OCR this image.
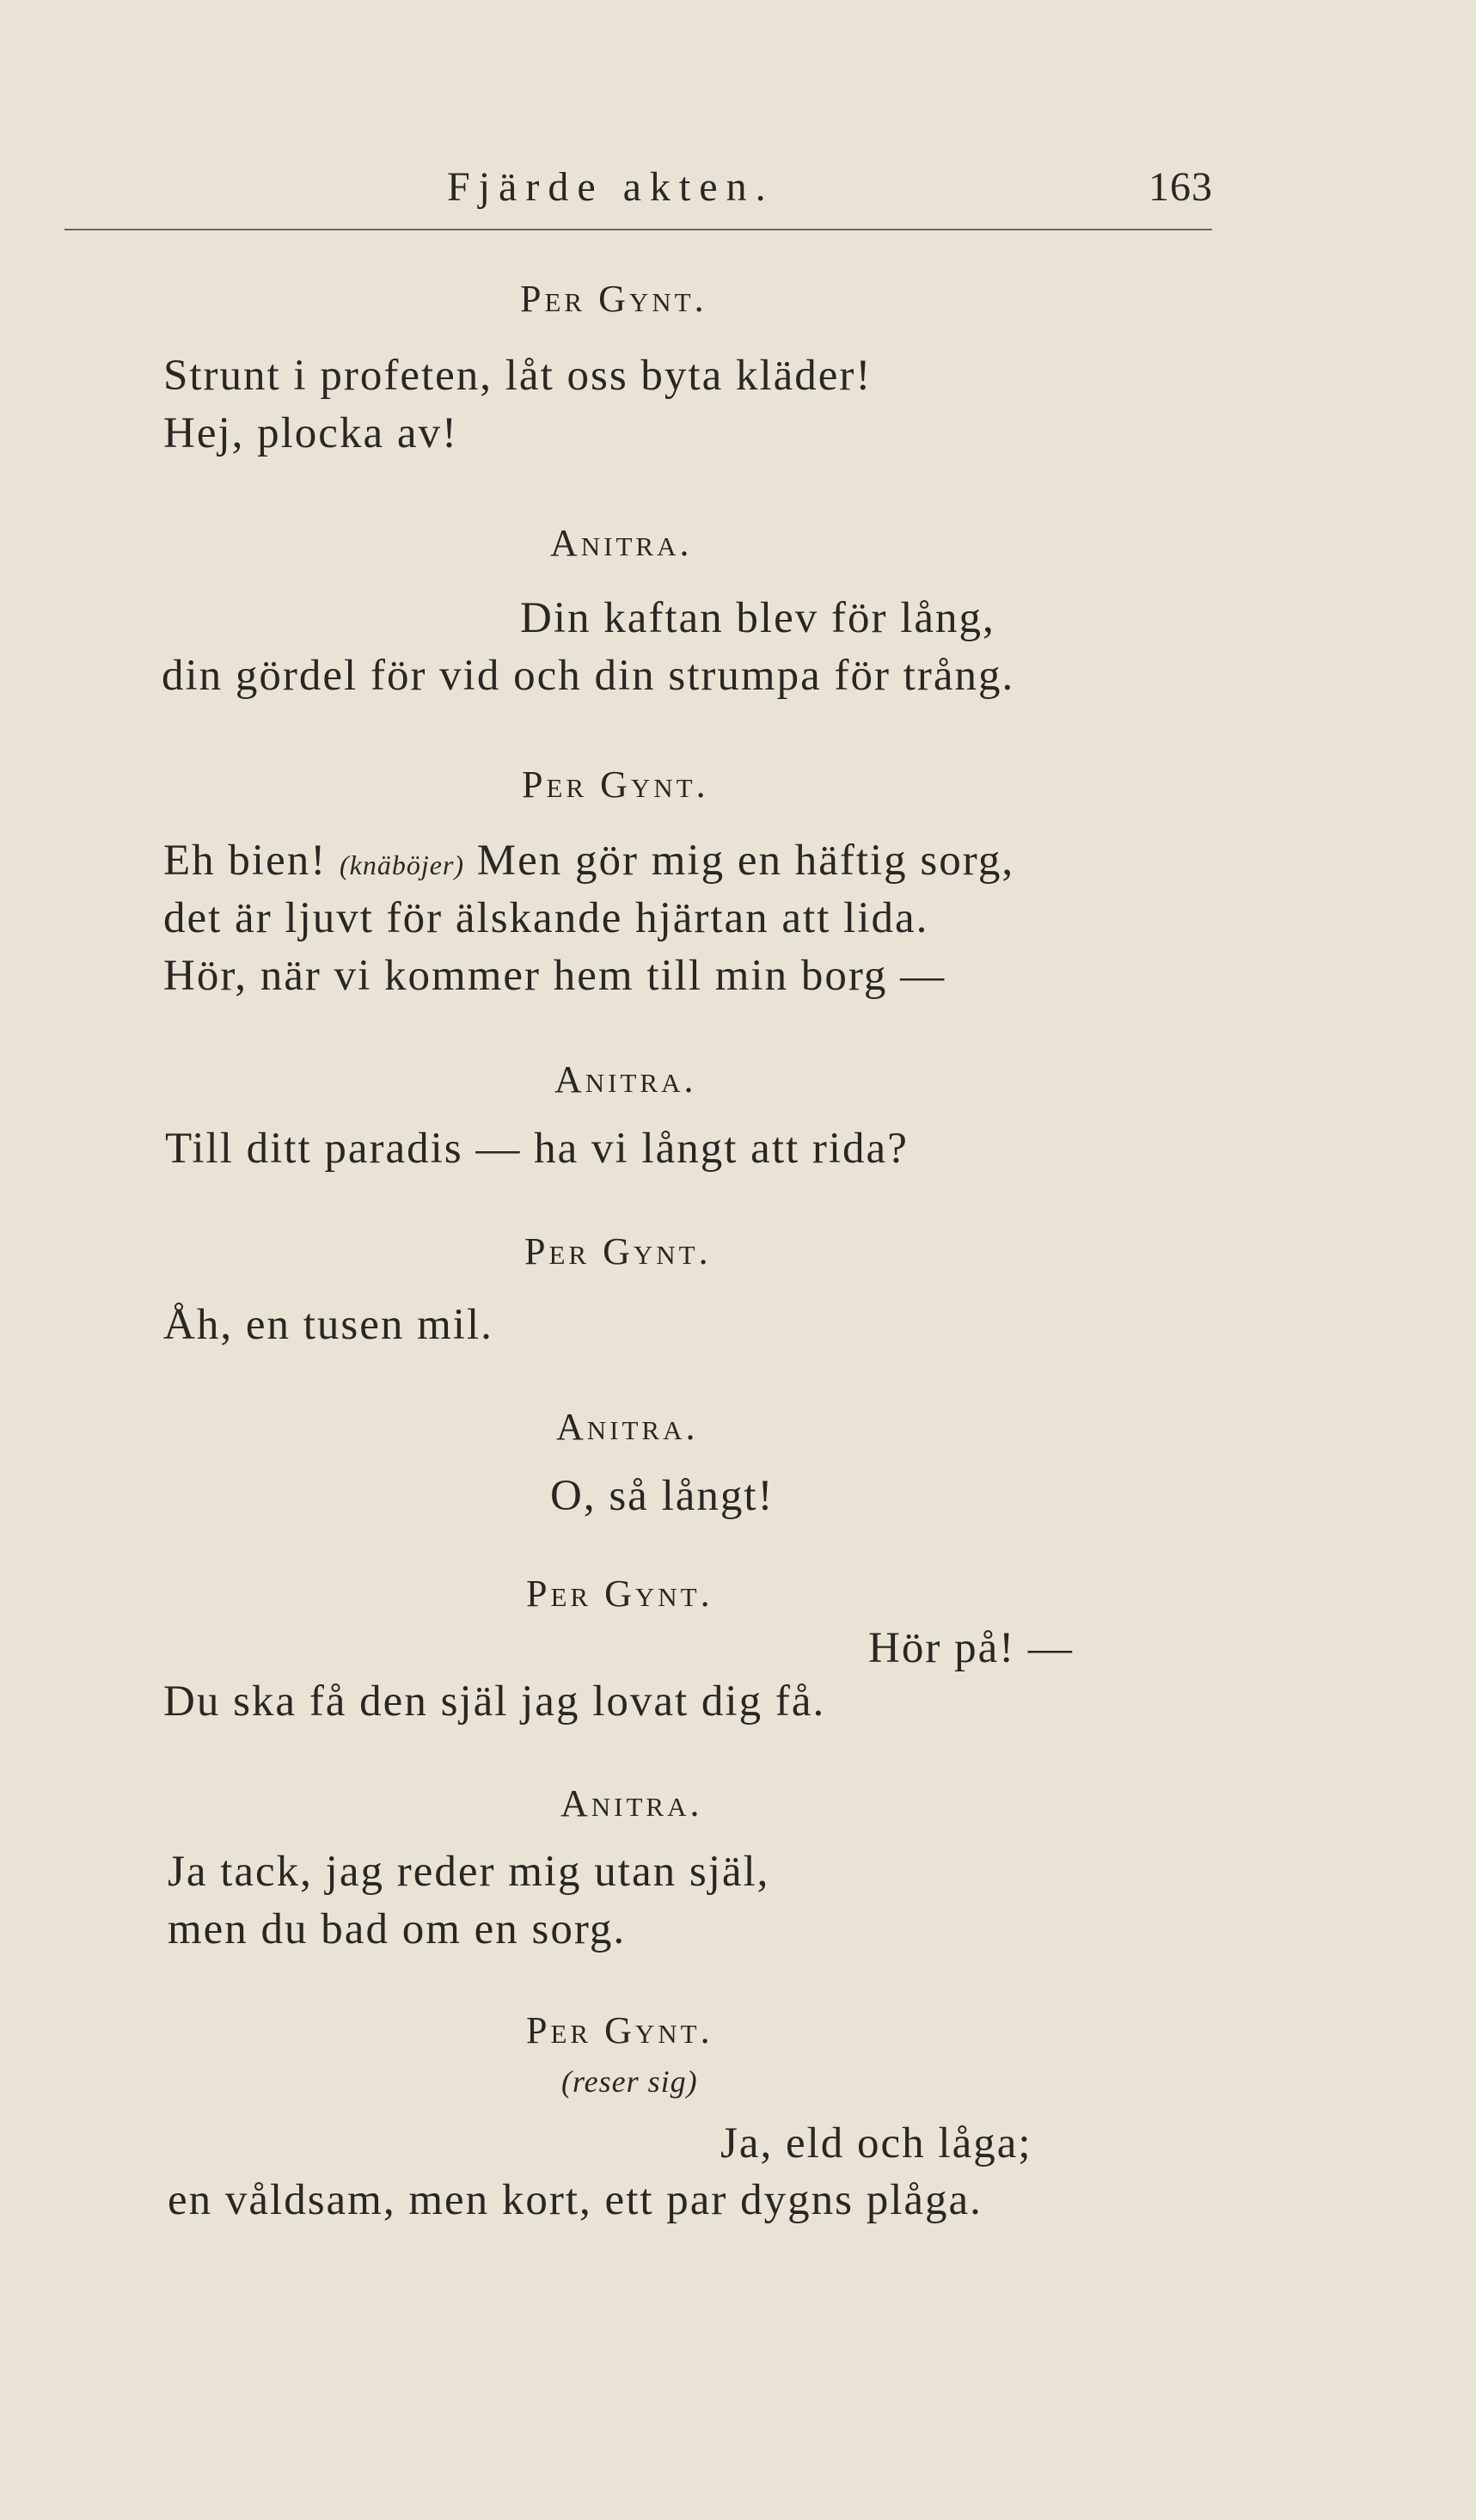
Fjärde akten.	163
Per Gynt.
Strunt i profeten, låt oss byta kläder!
Hej, plocka av!
Anitra.
Din kaftan blev för lång,
din gördel för vid och din strumpa för trång.
Per Gynt.
Eh bien! (knäböjer) Men gör mig en häftig sorg,
det är ljuvt för älskande hjärtan att lida.
Hör, när vi kommer hem till min borg —
Anitra.
Till ditt paradis — ha vi långt att rida?
Per Gynt.
Åh, en tusen mil.
Anitra.
O, så långt!
Per Gynt.
Hör på! —
Du ska få den själ jag lovat dig få.
Anitra.
Ja tack, jag reder mig utan själ,
men du bad om en sorg.
Per Gynt.
(reser sig)
Ja, eld och låga;
en våldsam, men kort, ett par dygns plåga.
